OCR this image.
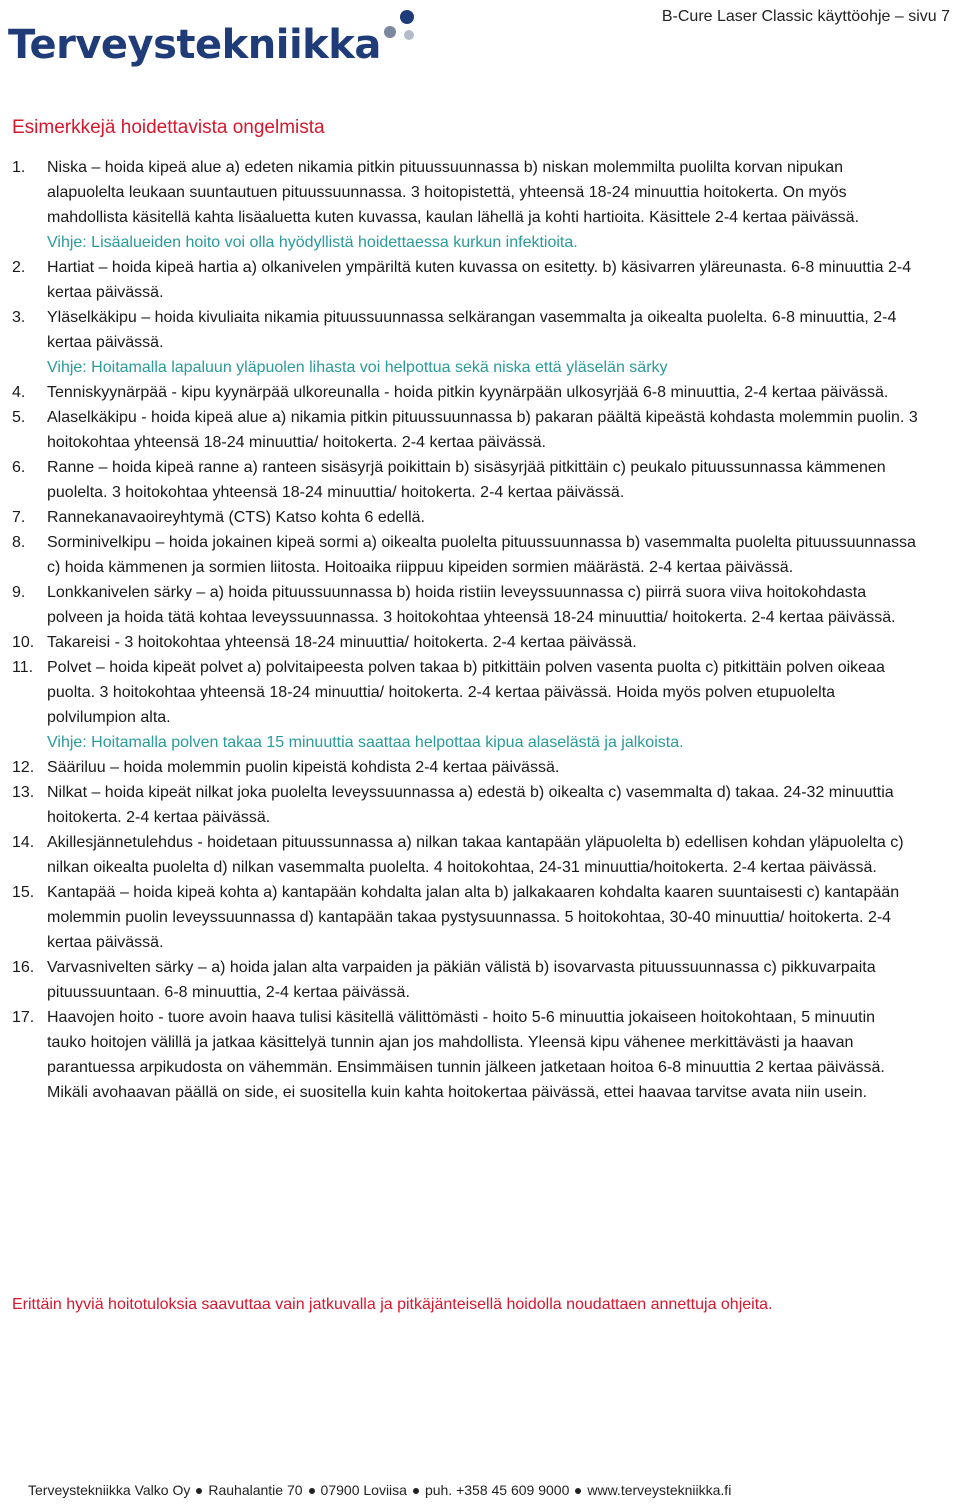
Terveystekniikka
B-Cure Laser Classic käyttöohje – sivu 7
Esimerkkejä hoidettavista ongelmista
1. Niska – hoida kipeä alue a) edeten nikamia pitkin pituussuunnassa b) niskan molemmilta puolilta korvan nipukan alapuolelta leukaan suuntautuen pituussuunnassa. 3 hoitopistettä, yhteensä 18-24 minuuttia hoitokerta. On myös mahdollista käsitellä kahta lisäaluetta kuten kuvassa, kaulan lähellä ja kohti hartioita. Käsittele 2-4 kertaa päivässä.
Vihje: Lisäalueiden hoito voi olla hyödyllistä hoidettaessa kurkun infektioita.
2. Hartiat – hoida kipeä hartia a) olkanivelen ympäriltä kuten kuvassa on esitetty. b) käsivarren yläreunasta. 6-8 minuuttia 2-4 kertaa päivässä.
3. Yläselkäkipu – hoida kivuliaita nikamia pituussuunnassa selkärangan vasemmalta ja oikealta puolelta. 6-8 minuuttia, 2-4 kertaa päivässä.
Vihje: Hoitamalla lapaluun yläpuolen lihasta voi helpottua sekä niska että yläselän särky
4. Tenniskyynärpää - kipu kyynärpää ulkoreunalla - hoida pitkin kyynärpään ulkosyrjää 6-8 minuuttia, 2-4 kertaa päivässä.
5. Alaselkäkipu - hoida kipeä alue a) nikamia pitkin pituussuunnassa b) pakaran päältä kipeästä kohdasta molemmin puolin. 3 hoitokohtaa yhteensä 18-24 minuuttia/ hoitokerta. 2-4 kertaa päivässä.
6. Ranne – hoida kipeä ranne a) ranteen sisäsyrjä poikittain b) sisäsyrjää pitkittäin c) peukalo pituussunnassa kämmenen puolelta. 3 hoitokohtaa yhteensä 18-24 minuuttia/ hoitokerta. 2-4 kertaa päivässä.
7. Rannekanavaoireyhtymä (CTS) Katso kohta 6 edellä.
8. Sorminivelkipu – hoida jokainen kipeä sormi a) oikealta puolelta pituussuunnassa b) vasemmalta puolelta pituussuunnassa c) hoida kämmenen ja sormien liitosta. Hoitoaika riippuu kipeiden sormien määrästä. 2-4 kertaa päivässä.
9. Lonkkanivelen särky – a) hoida pituussuunnassa b) hoida ristiin leveyssuunnassa c) piirrä suora viiva hoitokohdasta polveen ja hoida tätä kohtaa leveyssuunnassa. 3 hoitokohtaa yhteensä 18-24 minuuttia/ hoitokerta. 2-4 kertaa päivässä.
10. Takareisi - 3 hoitokohtaa yhteensä 18-24 minuuttia/ hoitokerta. 2-4 kertaa päivässä.
11. Polvet – hoida kipeät polvet a) polvitaipeesta polven takaa b) pitkittäin polven vasenta puolta c) pitkittäin polven oikeaa puolta. 3 hoitokohtaa yhteensä 18-24 minuuttia/ hoitokerta. 2-4 kertaa päivässä. Hoida myös polven etupuolelta polvilumpion alta.
Vihje: Hoitamalla polven takaa 15 minuuttia saattaa helpottaa kipua alaselästä ja jalkoista.
12. Sääriluu – hoida molemmin puolin kipeistä kohdista 2-4 kertaa päivässä.
13. Nilkat – hoida kipeät nilkat joka puolelta leveyssuunnassa a) edestä b) oikealta c) vasemmalta d) takaa. 24-32 minuuttia hoitokerta. 2-4 kertaa päivässä.
14. Akillesjännetulehdus - hoidetaan pituussunnassa a) nilkan takaa kantapään yläpuolelta b) edellisen kohdan yläpuolelta c) nilkan oikealta puolelta d) nilkan vasemmalta puolelta. 4 hoitokohtaa, 24-31 minuuttia/hoitokerta. 2-4 kertaa päivässä.
15. Kantapää – hoida kipeä kohta a) kantapään kohdalta jalan alta b) jalkakaaren kohdalta kaaren suuntaisesti c) kantapään molemmin puolin leveyssuunnassa d) kantapään takaa pystysuunnassa. 5 hoitokohtaa, 30-40 minuuttia/ hoitokerta. 2-4 kertaa päivässä.
16. Varvasnivelten särky – a) hoida jalan alta varpaiden ja päkiän välistä b) isovarvasta pituussuunnassa c) pikkuvarpaita pituussuuntaan. 6-8 minuuttia, 2-4 kertaa päivässä.
17. Haavojen hoito - tuore avoin haava tulisi käsitellä välittömästi - hoito 5-6 minuuttia jokaiseen hoitokohtaan, 5 minuutin tauko hoitojen välillä ja jatkaa käsittelyä tunnin ajan jos mahdollista. Yleensä kipu vähenee merkittävästi ja haavan parantuessa arpikudosta on vähemmän. Ensimmäisen tunnin jälkeen jatketaan hoitoa 6-8 minuuttia 2 kertaa päivässä. Mikäli avohaavan päällä on side, ei suositella kuin kahta hoitokertaa päivässä, ettei haavaa tarvitse avata niin usein.
Erittäin hyviä hoitotuloksia saavuttaa vain jatkuvalla ja pitkäjänteisellä hoidolla noudattaen annettuja ohjeita.
Terveystekniikka Valko Oy Rauhalantie 70 07900 Loviisa puh. +358 45 609 9000 www.terveystekniikka.fi
